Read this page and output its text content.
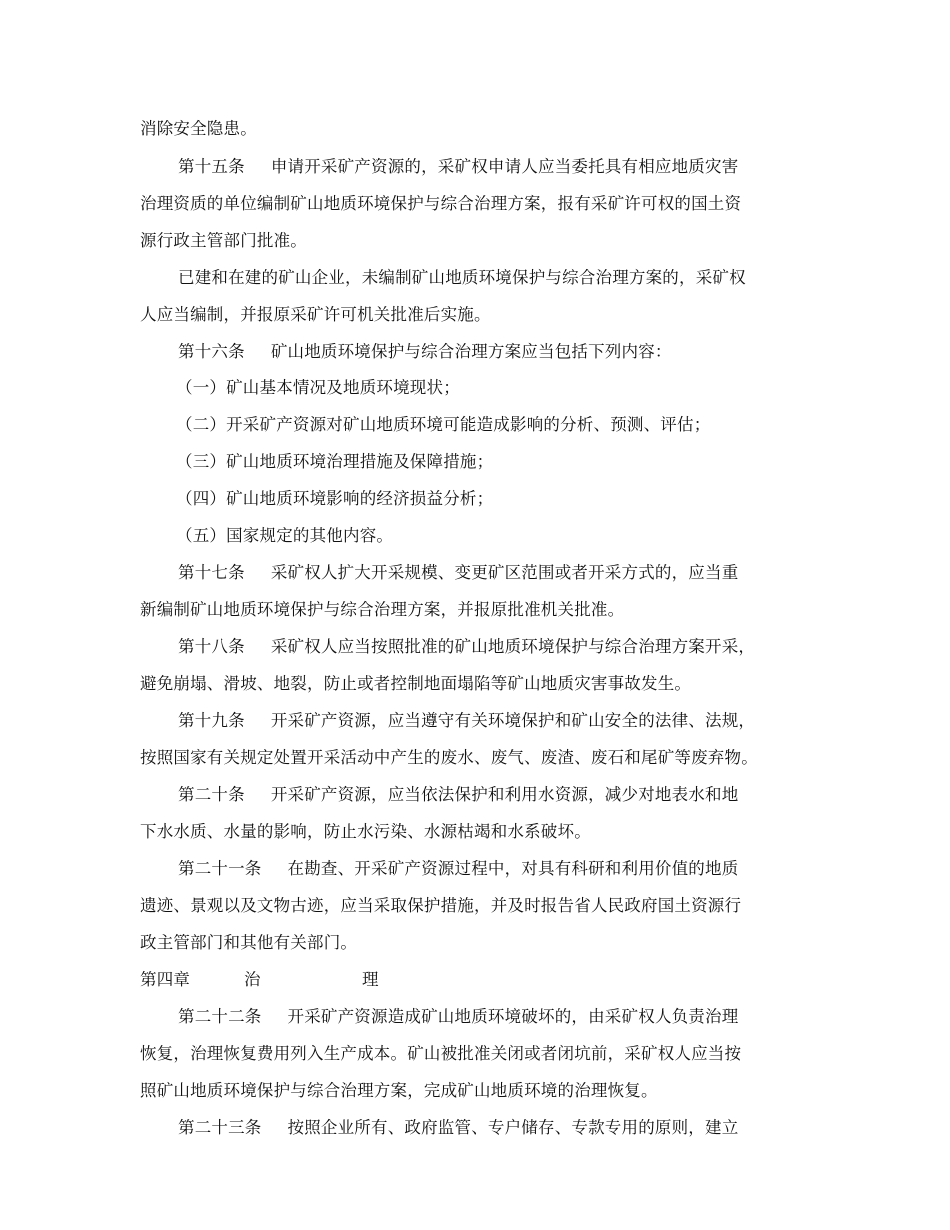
消除安全隐患。
第十五条 申请开采矿产资源的，采矿权申请人应当委托具有相应地质灾害
治理资质的单位编制矿山地质环境保护与综合治理方案，报有采矿许可权的国土资
源行政主管部门批准。
已建和在建的矿山企业，未编制矿山地质环境保护与综合治理方案的，采矿权
人应当编制，并报原采矿许可机关批准后实施。
第十六条 矿山地质环境保护与综合治理方案应当包括下列内容：
（一）矿山基本情况及地质环境现状；
（二）开采矿产资源对矿山地质环境可能造成影响的分析、预测、评估；
（三）矿山地质环境治理措施及保障措施；
（四）矿山地质环境影响的经济损益分析；
（五）国家规定的其他内容。
第十七条 采矿权人扩大开采规模、变更矿区范围或者开采方式的，应当重
新编制矿山地质环境保护与综合治理方案，并报原批准机关批准。
第十八条 采矿权人应当按照批准的矿山地质环境保护与综合治理方案开采，
避免崩塌、滑坡、地裂，防止或者控制地面塌陷等矿山地质灾害事故发生。
第十九条 开采矿产资源，应当遵守有关环境保护和矿山安全的法律、法规，
按照国家有关规定处置开采活动中产生的废水、废气、废渣、废石和尾矿等废弃物。
第二十条 开采矿产资源，应当依法保护和利用水资源，减少对地表水和地
下水水质、水量的影响，防止水污染、水源枯竭和水系破坏。
第二十一条 在勘查、开采矿产资源过程中，对具有科研和利用价值的地质
遗迹、景观以及文物古迹，应当采取保护措施，并及时报告省人民政府国土资源行
政主管部门和其他有关部门。
第四章	治	理
第二十二条 开采矿产资源造成矿山地质环境破坏的，由采矿权人负责治理
恢复，治理恢复费用列入生产成本。矿山被批准关闭或者闭坑前，采矿权人应当按
照矿山地质环境保护与综合治理方案，完成矿山地质环境的治理恢复。
第二十三条 按照企业所有、政府监管、专户储存、专款专用的原则，建立
